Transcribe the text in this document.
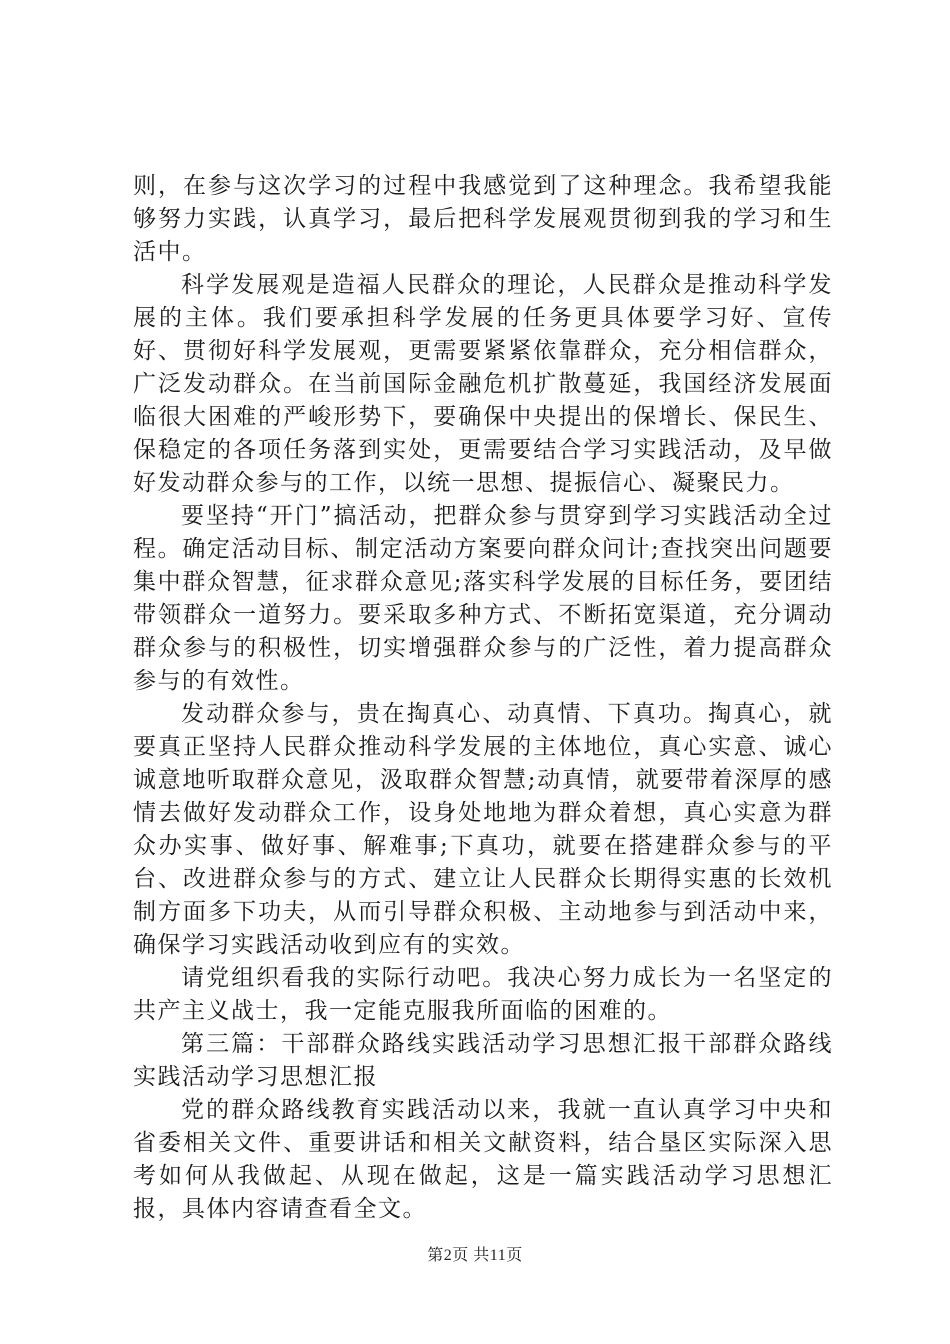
则，在参与这次学习的过程中我感觉到了这种理念。我希望我能够努力实践，认真学习，最后把科学发展观贯彻到我的学习和生活中。

科学发展观是造福人民群众的理论，人民群众是推动科学发展的主体。我们要承担科学发展的任务更具体要学习好、宣传好、贯彻好科学发展观，更需要紧紧依靠群众，充分相信群众，广泛发动群众。在当前国际金融危机扩散蔓延，我国经济发展面临很大困难的严峻形势下，要确保中央提出的保增长、保民生、保稳定的各项任务落到实处，更需要结合学习实践活动，及早做好发动群众参与的工作，以统一思想、提振信心、凝聚民力。

要坚持“开门”搞活动，把群众参与贯穿到学习实践活动全过程。确定活动目标、制定活动方案要向群众问计;查找突出问题要集中群众智慧，征求群众意见;落实科学发展的目标任务，要团结带领群众一道努力。要采取多种方式、不断拓宽渠道，充分调动群众参与的积极性，切实增强群众参与的广泛性，着力提高群众参与的有效性。

发动群众参与，贵在掏真心、动真情、下真功。掏真心，就要真正坚持人民群众推动科学发展的主体地位，真心实意、诚心诚意地听取群众意见，汲取群众智慧;动真情，就要带着深厚的感情去做好发动群众工作，设身处地地为群众着想，真心实意为群众办实事、做好事、解难事;下真功，就要在搭建群众参与的平台、改进群众参与的方式、建立让人民群众长期得实惠的长效机制方面多下功夫，从而引导群众积极、主动地参与到活动中来，确保学习实践活动收到应有的实效。

请党组织看我的实际行动吧。我决心努力成长为一名坚定的共产主义战士，我一定能克服我所面临的困难的。

第三篇：干部群众路线实践活动学习思想汇报干部群众路线实践活动学习思想汇报

党的群众路线教育实践活动以来，我就一直认真学习中央和省委相关文件、重要讲话和相关文献资料，结合垦区实际深入思考如何从我做起、从现在做起，这是一篇实践活动学习思想汇报，具体内容请查看全文。

第2页 共11页
